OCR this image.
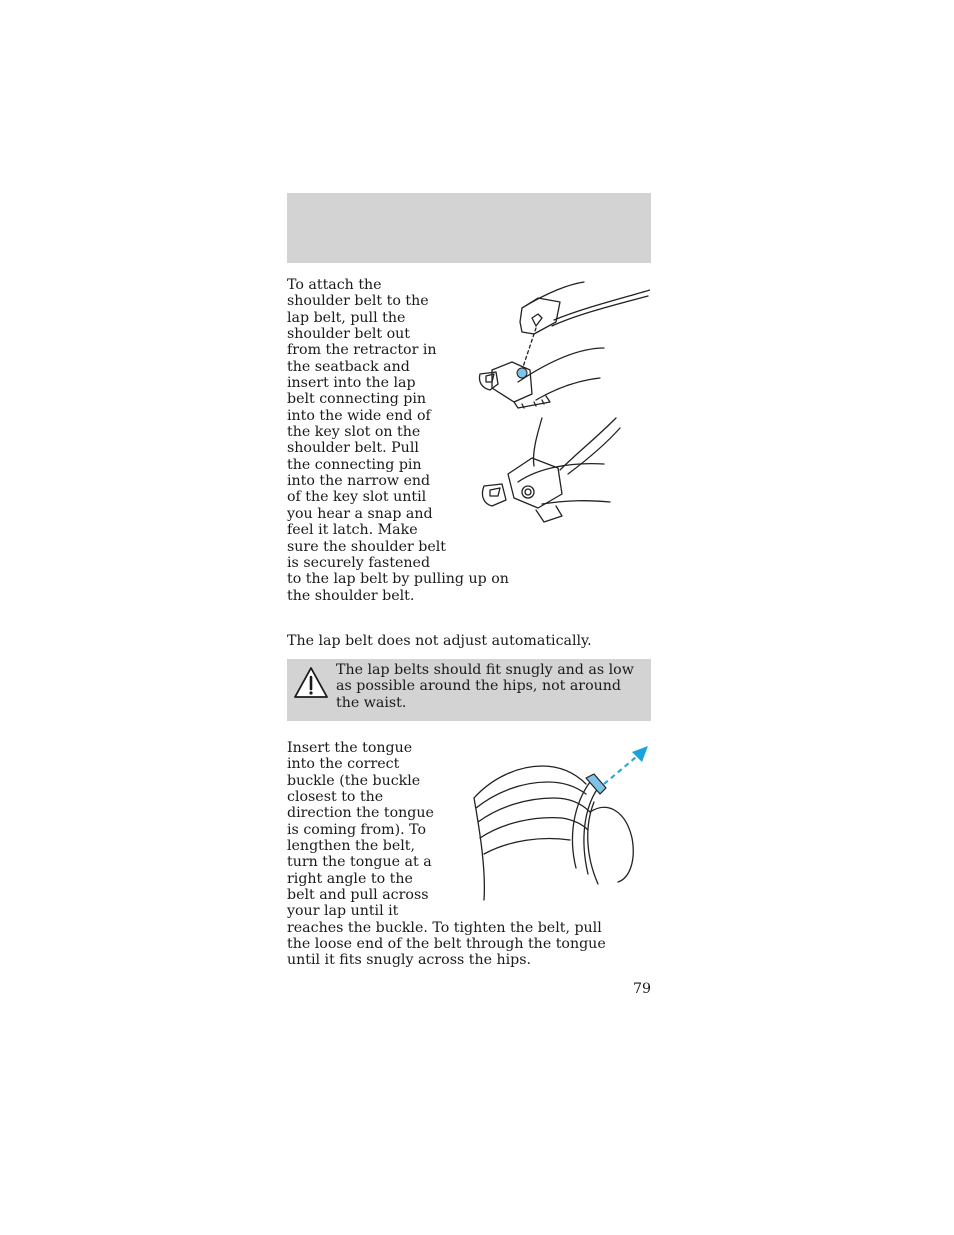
To attach the shoulder belt to the lap belt, pull the shoulder belt out from the retractor in the seatback and insert into the lap belt connecting pin into the wide end of the key slot on the shoulder belt. Pull the connecting pin into the narrow end of the key slot until you hear a snap and feel it latch. Make sure the shoulder belt is securely fastened to the lap belt by pulling up on the shoulder belt.

The lap belt does not adjust automatically.

The lap belts should fit snugly and as low as possible around the hips, not around the waist.

Insert the tongue into the correct buckle (the buckle closest to the direction the tongue is coming from). To lengthen the belt, turn the tongue at a right angle to the belt and pull across your lap until it reaches the buckle. To tighten the belt, pull the loose end of the belt through the tongue until it fits snugly across the hips.

79
